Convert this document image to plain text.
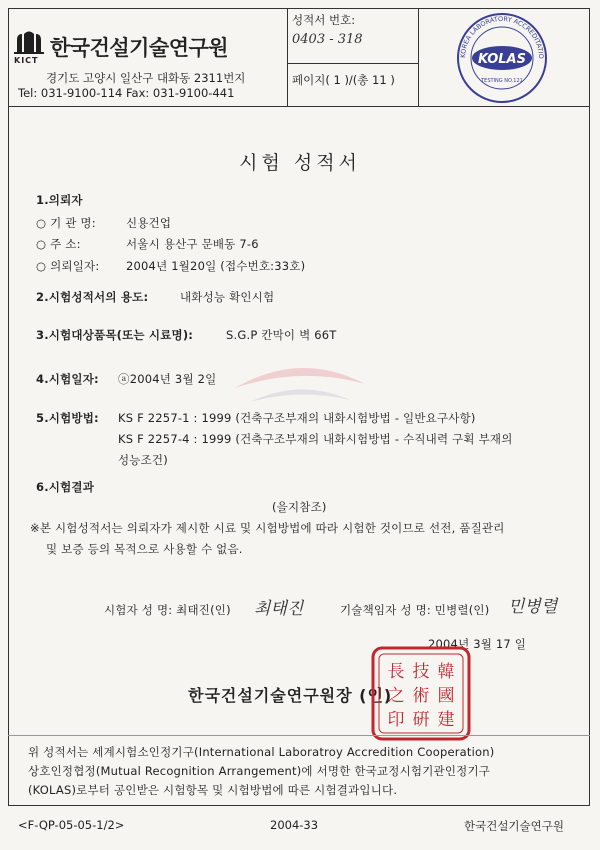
KICT
한국건설기술연구원
경기도 고양시 일산구 대화동 2311번지
Tel: 031-9100-114 Fax: 031-9100-441
성적서 번호:
0403 - 318
페이지( 1 )/(총 11 )
KOREA LABORATORY ACCREDITATIO
KOLAS
TESTING NO.121
시험 성적서
1.의뢰자
○ 기 관 명:	신용건업
○ 주 소:	서울시 용산구 문배동 7-6
○ 의뢰일자: 2004년 1월20일 (접수번호:33호)
2.시험성적서의 용도:	내화성능 확인시험
3.시험대상품목(또는 시료명):	S.G.P 칸막이 벽 66T
4.시험일자: ⓐ2004년 3월 2일
5.시험방법: KS F 2257-1 : 1999 (건축구조부재의 내화시험방법 - 일반요구사항)
KS F 2257-4 : 1999 (건축구조부재의 내화시험방법 - 수직내력 구획 부재의
성능조건)
6.시험결과
(을지참조)
※본 시험성적서는 의뢰자가 제시한 시료 및 시험방법에 따라 시험한 것이므로 선전, 품질관리
및 보증 등의 목적으로 사용할 수 없음.
시험자 성 명: 최태진(인) 최태진	기술책임자 성 명: 민병렬(인) 민병렬
2004년 3월 17 일
한국건설기술연구원장 (인)
長 技 韓
之 術 國
印 硏 建
위 성적서는 세계시험소인정기구(International Laboratroy Accredition Cooperation)
상호인정협정(Mutual Recognition Arrangement)에 서명한 한국교정시험기관인정기구
(KOLAS)로부터 공인받은 시험항목 및 시험방법에 따른 시험결과입니다.
<F-QP-05-05-1/2>	2004-33	한국건설기술연구원
